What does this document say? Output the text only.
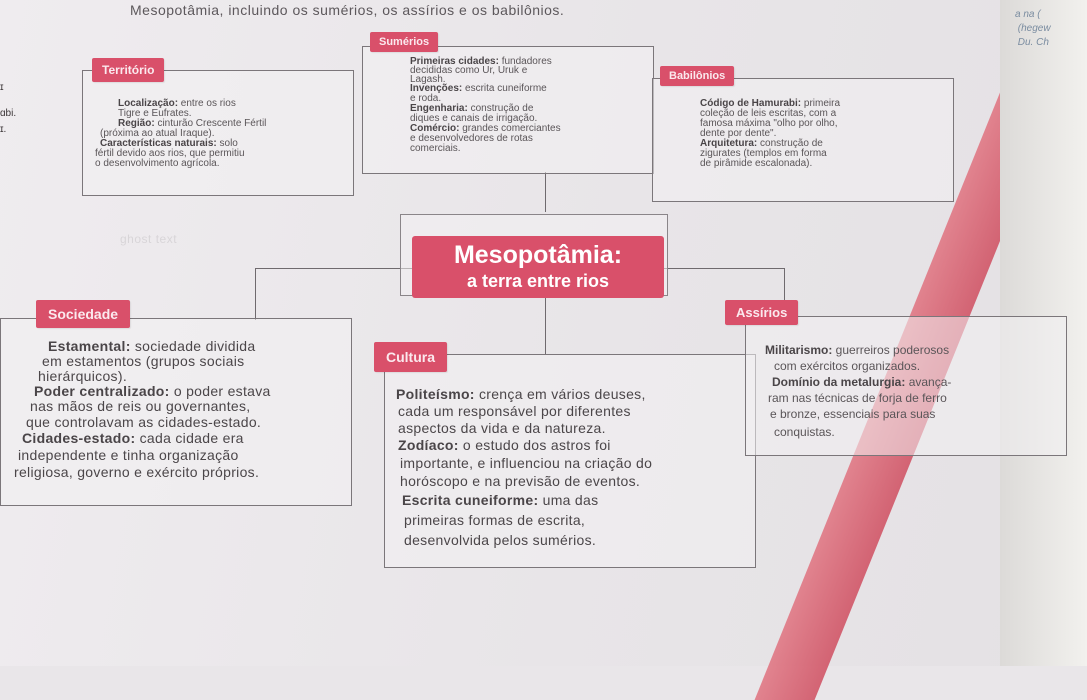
a na (
(hegew
Du. Ch
Mesopotâmia, incluindo os sumérios, os assírios e os babilônios.
ɪ
ɑbi.
ɪ.
ghost text
Território
Localização: entre os rios
Tigre e Eufrates.
Região: cinturão Crescente Fértil
(próxima ao atual Iraque).
Características naturais: solo
fértil devido aos rios, que permitiu
o desenvolvimento agrícola.
Sumérios
Primeiras cidades: fundadores
decididas como Ur, Uruk e
Lagash.
Invenções: escrita cuneiforme
e roda.
Engenharia: construção de
diques e canais de irrigação.
Comércio: grandes comerciantes
e desenvolvedores de rotas
comerciais.
Babilônios
Código de Hamurabi: primeira
coleção de leis escritas, com a
famosa máxima "olho por olho,
dente por dente".
Arquitetura: construção de
zigurates (templos em forma
de pirâmide escalonada).
Mesopotâmia:
a terra entre rios
Sociedade
Estamental: sociedade dividida
em estamentos (grupos sociais
hierárquicos).
Poder centralizado: o poder estava
nas mãos de reis ou governantes,
que controlavam as cidades-estado.
Cidades-estado: cada cidade era
independente e tinha organização
religiosa, governo e exército próprios.
Cultura
Politeísmo: crença em vários deuses,
cada um responsável por diferentes
aspectos da vida e da natureza.
Zodíaco: o estudo dos astros foi
importante, e influenciou na criação do
horóscopo e na previsão de eventos.
Escrita cuneiforme: uma das
primeiras formas de escrita,
desenvolvida pelos sumérios.
Assírios
Militarismo: guerreiros poderosos
com exércitos organizados.
Domínio da metalurgia: avança-
ram nas técnicas de forja de ferro
e bronze, essenciais para suas
conquistas.
